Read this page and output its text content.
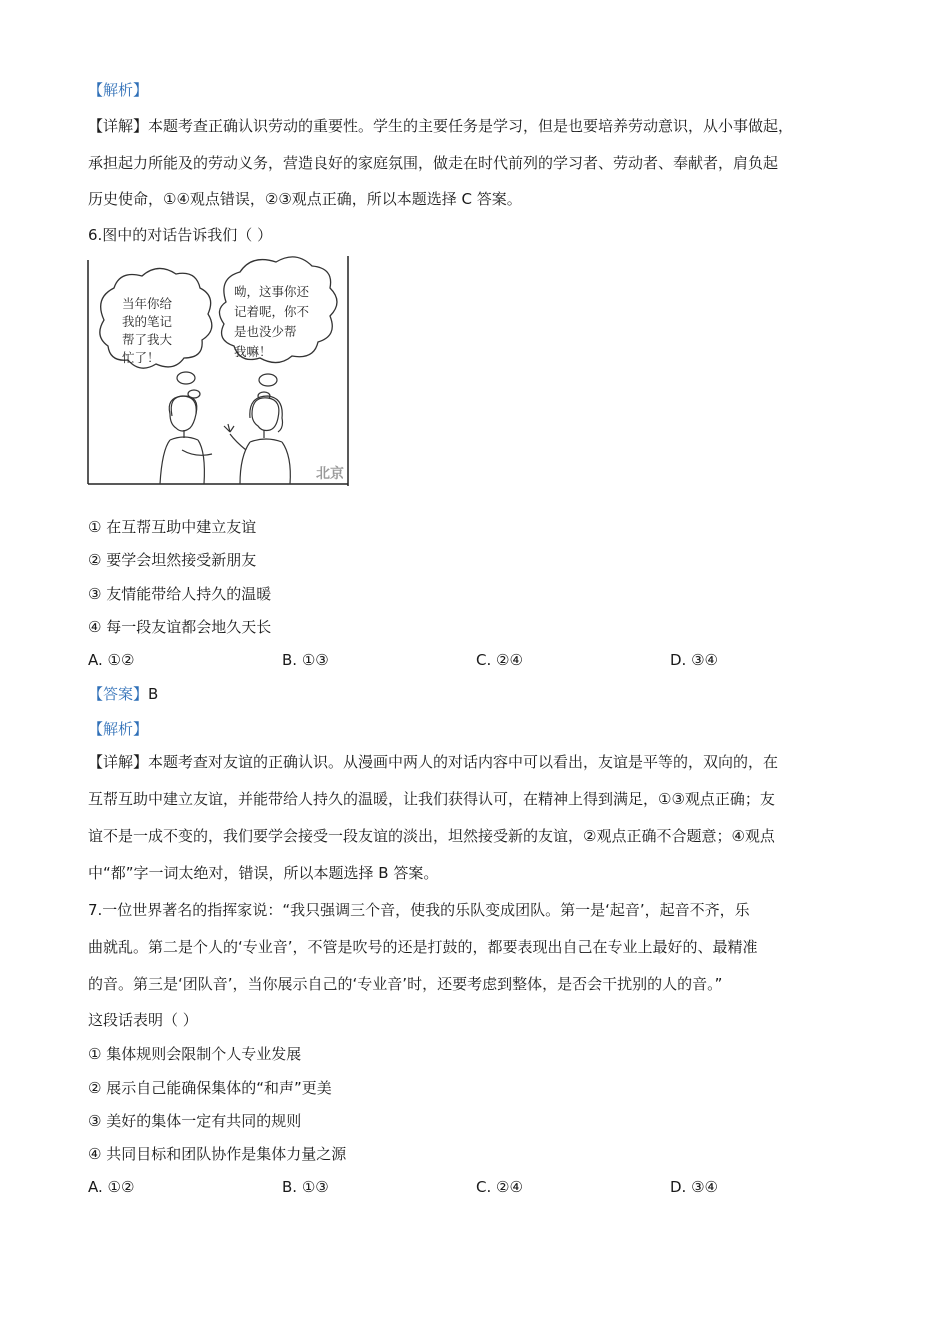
【解析】
【详解】本题考查正确认识劳动的重要性。学生的主要任务是学习，但是也要培养劳动意识，从小事做起，
承担起力所能及的劳动义务，营造良好的家庭氛围，做走在时代前列的学习者、劳动者、奉献者，肩负起
历史使命，①④观点错误，②③观点正确，所以本题选择 C 答案。
6.图中的对话告诉我们（ ）
当年你给
我的笔记
帮了我大
忙了！
呦，这事你还
记着呢，你不
是也没少帮
我嘛！
北京
① 在互帮互助中建立友谊
② 要学会坦然接受新朋友
③ 友情能带给人持久的温暖
④ 每一段友谊都会地久天长
A. ①②	B. ①③	C. ②④	D. ③④
【答案】B
【解析】
【详解】本题考查对友谊的正确认识。从漫画中两人的对话内容中可以看出，友谊是平等的，双向的，在
互帮互助中建立友谊，并能带给人持久的温暖，让我们获得认可，在精神上得到满足，①③观点正确；友
谊不是一成不变的，我们要学会接受一段友谊的淡出，坦然接受新的友谊，②观点正确不合题意；④观点
中“都”字一词太绝对，错误，所以本题选择 B 答案。
7.一位世界著名的指挥家说：“我只强调三个音，使我的乐队变成团队。第一是‘起音’，起音不齐，乐
曲就乱。第二是个人的‘专业音’，不管是吹号的还是打鼓的，都要表现出自己在专业上最好的、最精准
的音。第三是‘团队音’，当你展示自己的‘专业音’时，还要考虑到整体，是否会干扰别的人的音。”
这段话表明（ ）
① 集体规则会限制个人专业发展
② 展示自己能确保集体的“和声”更美
③ 美好的集体一定有共同的规则
④ 共同目标和团队协作是集体力量之源
A. ①②	B. ①③	C. ②④	D. ③④
